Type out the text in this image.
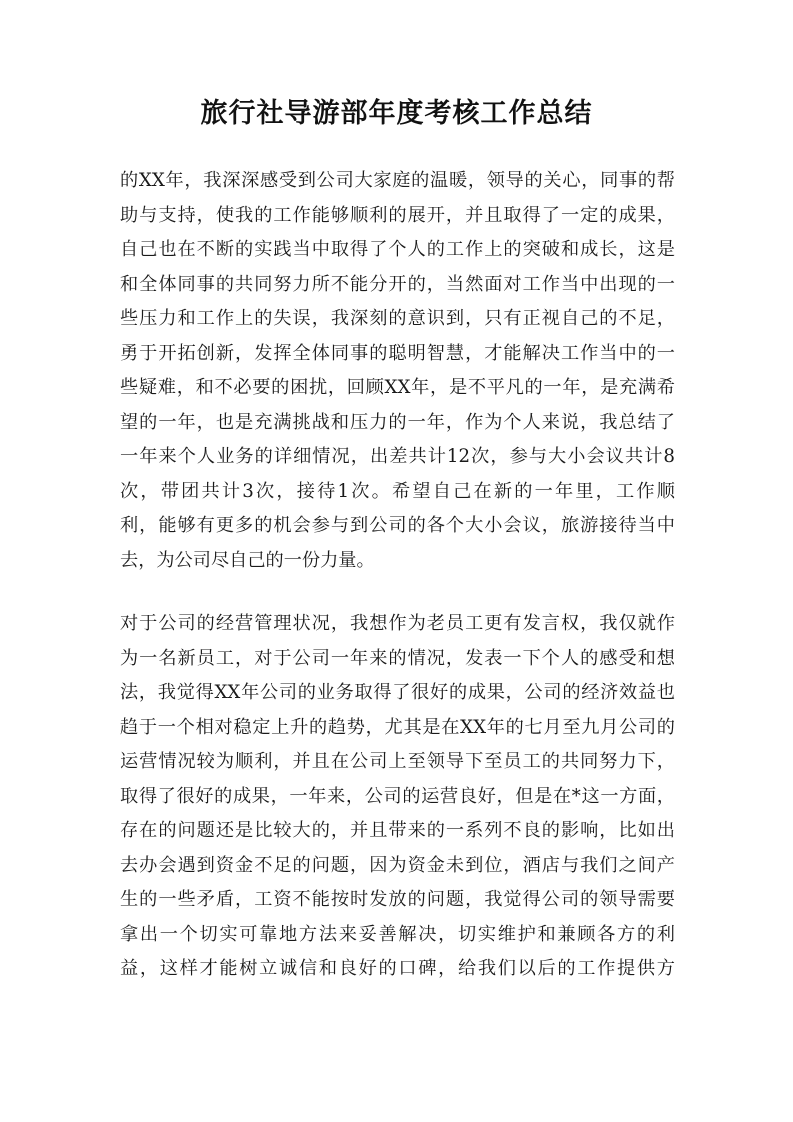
旅行社导游部年度考核工作总结
的XX年，我深深感受到公司大家庭的温暖，领导的关心，同事的帮
助与支持，使我的工作能够顺利的展开，并且取得了一定的成果，
自己也在不断的实践当中取得了个人的工作上的突破和成长，这是
和全体同事的共同努力所不能分开的，当然面对工作当中出现的一
些压力和工作上的失误，我深刻的意识到，只有正视自己的不足，
勇于开拓创新，发挥全体同事的聪明智慧，才能解决工作当中的一
些疑难，和不必要的困扰，回顾XX年，是不平凡的一年，是充满希
望的一年，也是充满挑战和压力的一年，作为个人来说，我总结了
一年来个人业务的详细情况，出差共计12次，参与大小会议共计8
次，带团共计3次，接待1次。希望自己在新的一年里，工作顺
利，能够有更多的机会参与到公司的各个大小会议，旅游接待当中
去，为公司尽自己的一份力量。
对于公司的经营管理状况，我想作为老员工更有发言权，我仅就作
为一名新员工，对于公司一年来的情况，发表一下个人的感受和想
法，我觉得XX年公司的业务取得了很好的成果，公司的经济效益也
趋于一个相对稳定上升的趋势，尤其是在XX年的七月至九月公司的
运营情况较为顺利，并且在公司上至领导下至员工的共同努力下，
取得了很好的成果，一年来，公司的运营良好，但是在*这一方面，
存在的问题还是比较大的，并且带来的一系列不良的影响，比如出
去办会遇到资金不足的问题，因为资金未到位，酒店与我们之间产
生的一些矛盾，工资不能按时发放的问题，我觉得公司的领导需要
拿出一个切实可靠地方法来妥善解决，切实维护和兼顾各方的利
益，这样才能树立诚信和良好的口碑，给我们以后的工作提供方
